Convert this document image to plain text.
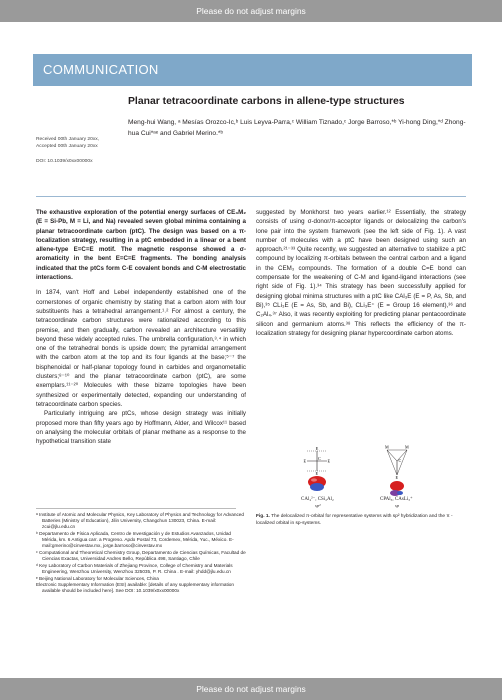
Please do not adjust margins
COMMUNICATION
Planar tetracoordinate carbons in allene-type structures
Meng-hui Wang, ᵃ Mesías Orozco-Ic,ᵇ Luis Leyva-Parra,ᶜ William Tiznado,ᶜ Jorge Barroso,*ᵇ Yi-hong Ding,*ᵈ Zhong-hua Cui*ᵃᵉ and Gabriel Merino.*ᵇ
Received 00th January 20xx,
Accepted 00th January 20xx
DOI: 10.1039/x0xx00000x

The exhaustive exploration of the potential energy surfaces of CE₃M₂ (E = Si-Pb, M = Li, and Na) revealed seven global minima containing a planar tetracoordinate carbon (ptC). The design was based on a π-localization strategy, resulting in a ptC embedded in a linear or a bent allene-type E=C=E motif. The magnetic response showed a σ-aromaticity in the bent E=C=E fragments. The bonding analysis indicated that the ptCs form C-E covalent bonds and C-M electrostatic interactions.

In 1874, van't Hoff and Lebel independently established one of the cornerstones of organic chemistry by stating that a carbon atom with four substituents has a tetrahedral arrangement.¹˒² For almost a century, the tetracoordinate carbon structures were rationalized according to this premise, and then gradually, carbon revealed an architecture versatility beyond these widely accepted rules. The umbrella configuration,³˒⁴ in which one of the tetrahedral bonds is upside down; the pyramidal arrangement with the carbon atom at the top and its four ligands at the base;⁵⁻⁷ the bisphenoidal or half-planar topology found in carbides and organometallic clusters;⁸⁻¹⁰ and the planar tetracoordinate carbon (ptC), are some exemplars.¹¹⁻²⁰ Molecules with these bizarre topologies have been synthesized or experimentally detected, expanding our understanding of tetracoordinate carbon species.

Particularly intriguing are ptCs, whose design strategy was initially proposed more than fifty years ago by Hoffmann, Alder, and Wilcox¹¹ based on analysing the molecular orbitals of planar methane as a response to the hypothetical transition state

suggested by Monkhorst two years earlier.¹² Essentially, the strategy consists of using σ-donor/π-acceptor ligands or delocalizing the carbon's lone pair into the system framework (see the left side of Fig. 1). A vast number of molecules with a ptC have been designed using such an approach.²¹⁻³³ Quite recently, we suggested an alternative to stabilize a ptC compound by localizing π-orbitals between the central carbon and a ligand in the CEM₃ compounds. The formation of a double C=E bond can compensate for the weakening of C-M and ligand-ligand interactions (see right side of Fig. 1).³⁴ This strategy has been successfully applied for designing global minima structures with a ptC like CAl₃E (E = P, As, Sb, and Bi),³⁵ CLi₃E (E = As, Sb, and Bi), CLi₃E⁺ (E = Group 16 element),³⁶ and C₂Al₄.³⁷ Also, it was recently exploiting for predicting planar pentacoordinate silicon and germanium atoms.³⁸ This reflects the efficiency of the π-localization strategy for designing planar hypercoordinate carbon atoms.

E
E	E
E
C
M	M
C
E
CAl₄²⁻, CSi₂Al₂
sp²
CPAl₃, CAsLi₃⁺
sp
Fig. 1. The delocalized π-orbital for representative systems with sp² hybridization and the π -localized orbital in sp-systems.
ᵃ Institute of Atomic and Molecular Physics, Key Laboratory of Physics and Technology for Advanced Batteries (Ministry of Education), Jilin University, Changchun 130023, China. E-mail: zcui@jlu.edu.cn
ᵇ Departamento de Física Aplicada, Centro de Investigación y de Estudios Avanzados, Unidad Mérida, km. 6 Antigua carr. a Progreso. Apdo Postal 73, Cordemex, Mérida, Yuc., México. E-mail:gmerino@cinvestav.mx, jorge.barroso@cinvestav.mx
ᶜ Computational and Theoretical Chemistry Group, Departamento de Ciencias Químicas, Facultad de Ciencias Exactas, Universidad Andres Bello, República 498, Santiago, Chile
ᵈ Key Laboratory of Carbon Materials of Zhejiang Province, College of Chemistry and Materials Engineering, Wenzhou University, Wenzhou 325035, P. R. China . E-mail: yhdd@jlu.edu.cn
ᵉ Beijing National Laboratory for Molecular Sciences, China
Electronic Supplementary Information (ESI) available: [details of any supplementary information available should be included here]. See DOI: 10.1039/x0xx00000x
Please do not adjust margins
